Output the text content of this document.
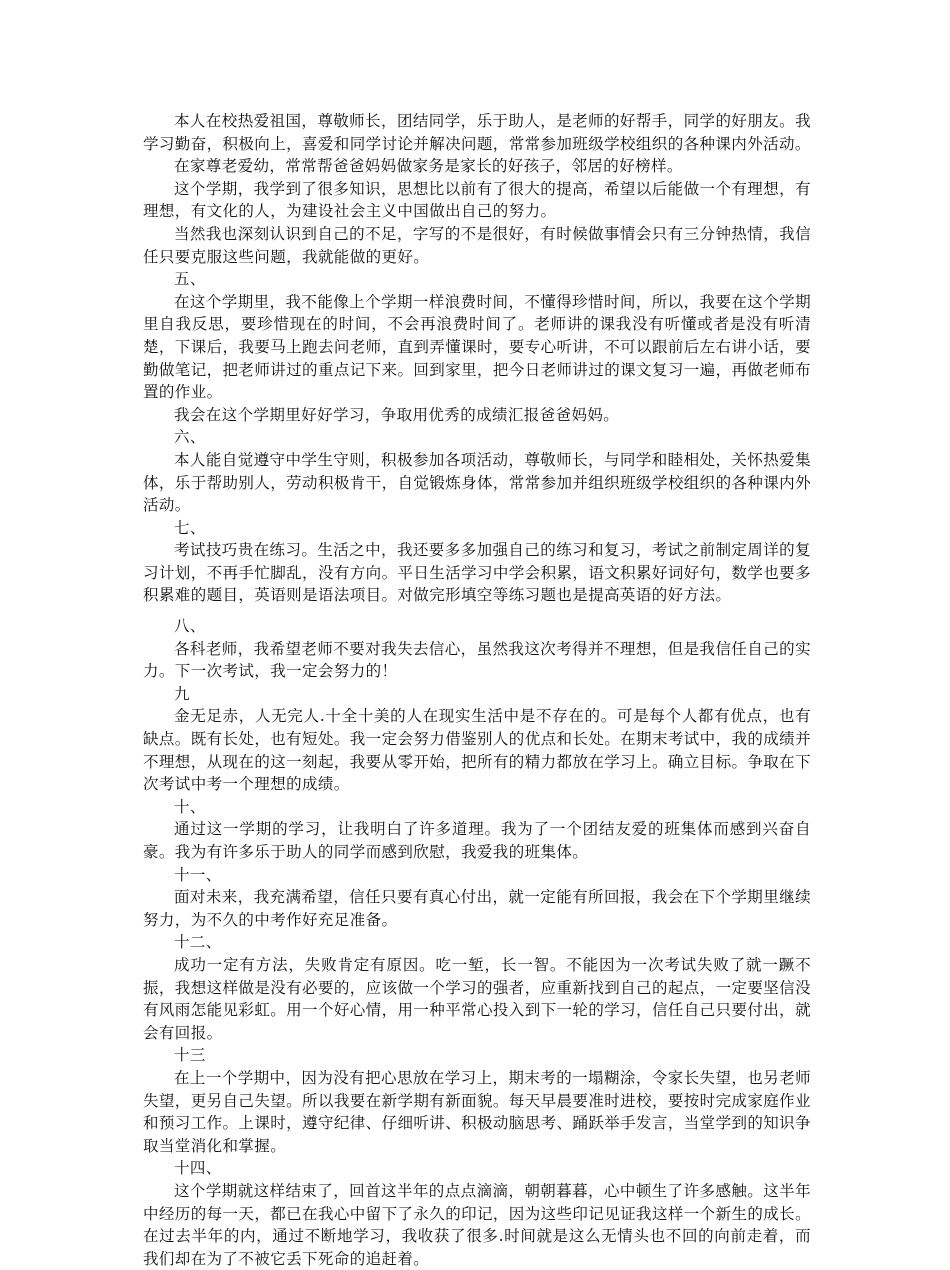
本人在校热爱祖国，尊敬师长，团结同学，乐于助人，是老师的好帮手，同学的好朋友。我学习勤奋，积极向上，喜爱和同学讨论并解决问题，常常参加班级学校组织的各种课内外活动。

在家尊老爱幼，常常帮爸爸妈妈做家务是家长的好孩子，邻居的好榜样。

这个学期，我学到了很多知识，思想比以前有了很大的提高，希望以后能做一个有理想，有理想，有文化的人，为建设社会主义中国做出自己的努力。

当然我也深刻认识到自己的不足，字写的不是很好，有时候做事情会只有三分钟热情，我信任只要克服这些问题，我就能做的更好。

五、

在这个学期里，我不能像上个学期一样浪费时间，不懂得珍惜时间，所以，我要在这个学期里自我反思，要珍惜现在的时间，不会再浪费时间了。老师讲的课我没有听懂或者是没有听清楚，下课后，我要马上跑去问老师，直到弄懂课时，要专心听讲，不可以跟前后左右讲小话，要勤做笔记，把老师讲过的重点记下来。回到家里，把今日老师讲过的课文复习一遍，再做老师布置的作业。

我会在这个学期里好好学习，争取用优秀的成绩汇报爸爸妈妈。

六、

本人能自觉遵守中学生守则，积极参加各项活动，尊敬师长，与同学和睦相处，关怀热爱集体，乐于帮助别人，劳动积极肯干，自觉锻炼身体，常常参加并组织班级学校组织的各种课内外活动。

七、

考试技巧贵在练习。生活之中，我还要多多加强自己的练习和复习，考试之前制定周详的复习计划，不再手忙脚乱，没有方向。平日生活学习中学会积累，语文积累好词好句，数学也要多积累难的题目，英语则是语法项目。对做完形填空等练习题也是提高英语的好方法。

八、

各科老师，我希望老师不要对我失去信心，虽然我这次考得并不理想，但是我信任自己的实力。下一次考试，我一定会努力的！

九

金无足赤，人无完人.十全十美的人在现实生活中是不存在的。可是每个人都有优点，也有缺点。既有长处，也有短处。我一定会努力借鉴别人的优点和长处。在期末考试中，我的成绩并不理想，从现在的这一刻起，我要从零开始，把所有的精力都放在学习上。确立目标。争取在下次考试中考一个理想的成绩。

十、

通过这一学期的学习，让我明白了许多道理。我为了一个团结友爱的班集体而感到兴奋自豪。我为有许多乐于助人的同学而感到欣慰，我爱我的班集体。

十一、

面对未来，我充满希望，信任只要有真心付出，就一定能有所回报，我会在下个学期里继续努力，为不久的中考作好充足准备。

十二、

成功一定有方法，失败肯定有原因。吃一堑，长一智。不能因为一次考试失败了就一蹶不振，我想这样做是没有必要的，应该做一个学习的强者，应重新找到自己的起点，一定要坚信没有风雨怎能见彩虹。用一个好心情，用一种平常心投入到下一轮的学习，信任自己只要付出，就会有回报。

十三

在上一个学期中，因为没有把心思放在学习上，期末考的一塌糊涂，令家长失望，也另老师失望，更另自己失望。所以我要在新学期有新面貌。每天早晨要准时进校，要按时完成家庭作业和预习工作。上课时，遵守纪律、仔细听讲、积极动脑思考、踊跃举手发言，当堂学到的知识争取当堂消化和掌握。

十四、

这个学期就这样结束了，回首这半年的点点滴滴，朝朝暮暮，心中顿生了许多感触。这半年中经历的每一天，都已在我心中留下了永久的印记，因为这些印记见证我这样一个新生的成长。在过去半年的内，通过不断地学习，我收获了很多.时间就是这么无情头也不回的向前走着，而我们却在为了不被它丢下死命的追赶着。
